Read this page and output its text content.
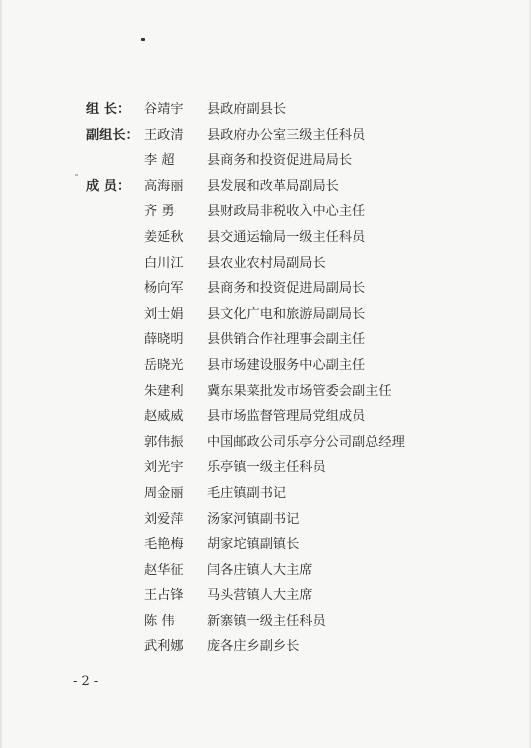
组 长： 谷靖宇 县政府副县长
副组长： 王政清 县政府办公室三级主任科员
李 超 县商务和投资促进局局长
成 员： 高海丽 县发展和改革局副局长
齐 勇 县财政局非税收入中心主任
姜延秋 县交通运输局一级主任科员
白川江 县农业农村局副局长
杨向军 县商务和投资促进局副局长
刘士娟 县文化广电和旅游局副局长
薛晓明 县供销合作社理事会副主任
岳晓光 县市场建设服务中心副主任
朱建利 冀东果菜批发市场管委会副主任
赵威威 县市场监督管理局党组成员
郭伟振 中国邮政公司乐亭分公司副总经理
刘光宇 乐亭镇一级主任科员
周金丽 毛庄镇副书记
刘爱萍 汤家河镇副书记
毛艳梅 胡家坨镇副镇长
赵华征 闫各庄镇人大主席
王占锋 马头营镇人大主席
陈 伟 新寨镇一级主任科员
武利娜 庞各庄乡副乡长
- 2 -
